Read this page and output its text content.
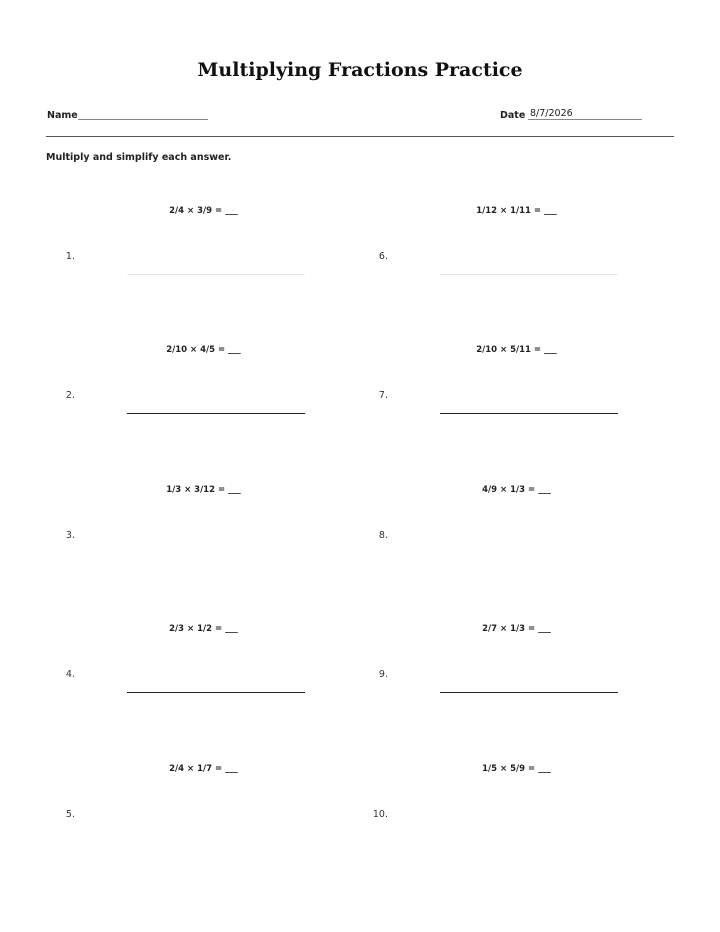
Multiplying Fractions Practice
Name	Date 8/7/2026
Multiply and simplify each answer.
2/4 × 3/9 = ___
1.
2/10 × 4/5 = ___
2.
1/3 × 3/12 = ___
3.
2/3 × 1/2 = ___
4.
2/4 × 1/7 = ___
5.
1/12 × 1/11 = ___
6.
2/10 × 5/11 = ___
7.
4/9 × 1/3 = ___
8.
2/7 × 1/3 = ___
9.
1/5 × 5/9 = ___
10.
